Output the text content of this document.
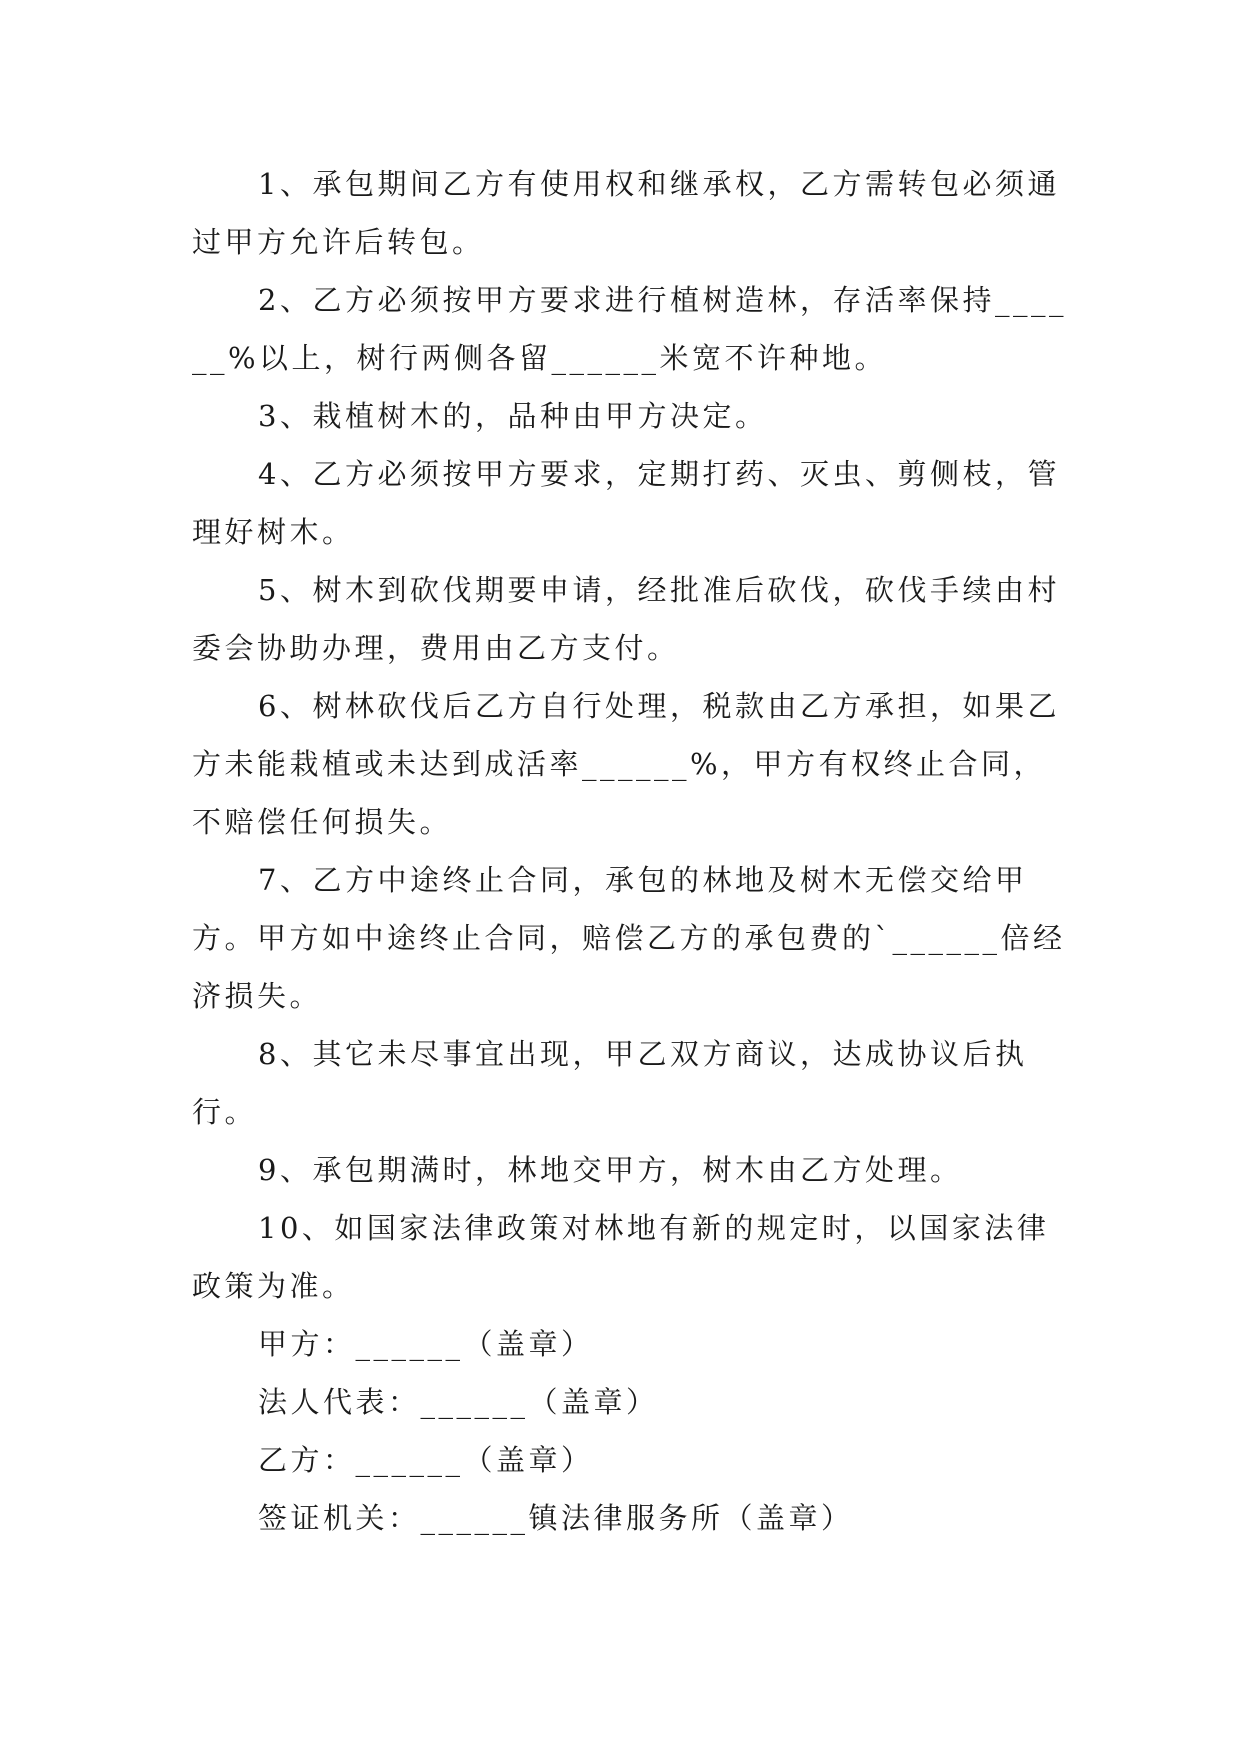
1、承包期间乙方有使用权和继承权，乙方需转包必须通过甲方允许后转包。

2、乙方必须按甲方要求进行植树造林，存活率保持______%以上，树行两侧各留______米宽不许种地。

3、栽植树木的，品种由甲方决定。

4、乙方必须按甲方要求，定期打药、灭虫、剪侧枝，管理好树木。

5、树木到砍伐期要申请，经批准后砍伐，砍伐手续由村委会协助办理，费用由乙方支付。

6、树林砍伐后乙方自行处理，税款由乙方承担，如果乙方未能栽植或未达到成活率______%，甲方有权终止合同，不赔偿任何损失。

7、乙方中途终止合同，承包的林地及树木无偿交给甲方。甲方如中途终止合同，赔偿乙方的承包费的`______倍经济损失。

8、其它未尽事宜出现，甲乙双方商议，达成协议后执行。

9、承包期满时，林地交甲方，树木由乙方处理。

10、如国家法律政策对林地有新的规定时，以国家法律政策为准。

甲方：______（盖章）

法人代表：______（盖章）

乙方：______（盖章）

签证机关：______镇法律服务所（盖章）
